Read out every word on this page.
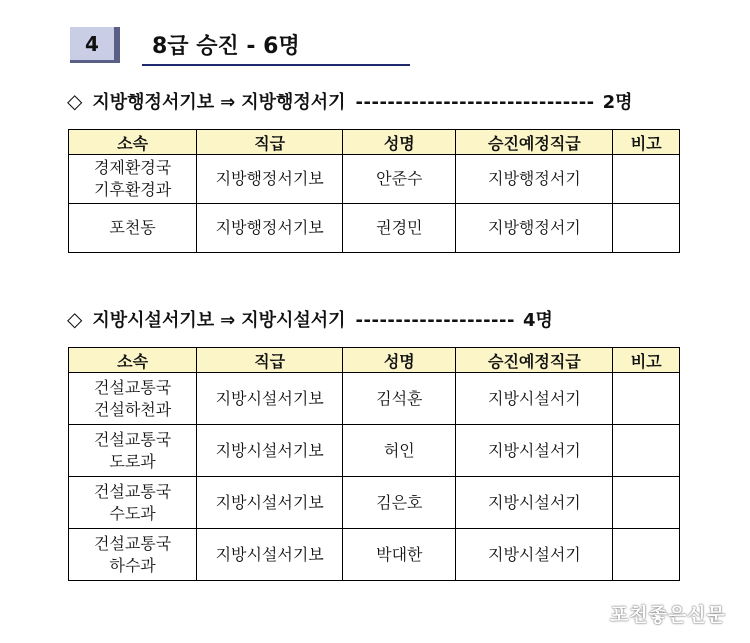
4 8급 승진 - 6명
◇ 지방행정서기보 ⇒ 지방행정서기 ------------------------------ 2명
소속	직급	성명	승진예정직급	비고

경제환경국
기후환경과	지방행정서기보	안준수	지방행정서기	

포천동	지방행정서기보	권경민	지방행정서기	
◇ 지방시설서기보 ⇒ 지방시설서기 -------------------- 4명
소속	직급	성명	승진예정직급	비고

건설교통국
건설하천과	지방시설서기보	김석훈	지방시설서기	

건설교통국
도로과	지방시설서기보	허인	지방시설서기	

건설교통국
수도과	지방시설서기보	김은호	지방시설서기	

건설교통국
하수과	지방시설서기보	박대한	지방시설서기	
포천좋은신문
